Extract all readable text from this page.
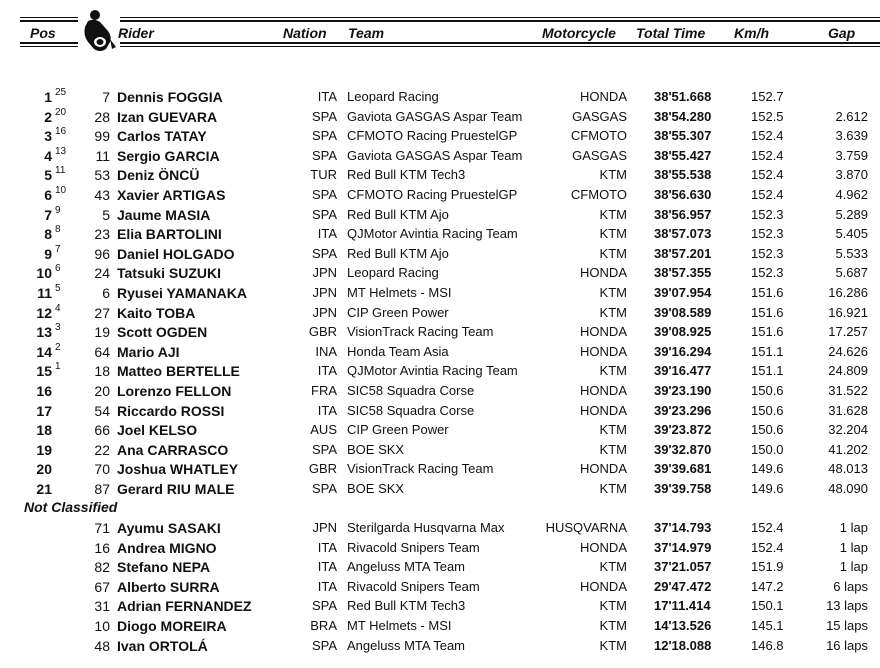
Pos	Rider	Nation Team	Motorcycle Total Time Km/h	Gap
1 25	7 Dennis FOGGIA	ITA Leopard Racing	HONDA 38'51.668	152.7
2 20	28 Izan GUEVARA	SPA Gaviota GASGAS Aspar Team	GASGAS 38'54.280	152.5	2.612
3 16	99 Carlos TATAY	SPA CFMOTO Racing PruestelGP	CFMOTO 38'55.307	152.4	3.639
4 13	11 Sergio GARCIA	SPA Gaviota GASGAS Aspar Team	GASGAS 38'55.427	152.4	3.759
5 11	53 Deniz ÖNCÜ	TUR Red Bull KTM Tech3	KTM 38'55.538	152.4	3.870
6 10	43 Xavier ARTIGAS	SPA CFMOTO Racing PruestelGP	CFMOTO 38'56.630	152.4	4.962
7 9	5 Jaume MASIA	SPA Red Bull KTM Ajo	KTM 38'56.957	152.3	5.289
8 8	23 Elia BARTOLINI	ITA QJMotor Avintia Racing Team	KTM 38'57.073	152.3	5.405
9 7	96 Daniel HOLGADO	SPA Red Bull KTM Ajo	KTM 38'57.201	152.3	5.533
10 6	24 Tatsuki SUZUKI	JPN Leopard Racing	HONDA 38'57.355	152.3	5.687
11 5	6 Ryusei YAMANAKA	JPN MT Helmets - MSI	KTM 39'07.954	151.6	16.286
12 4	27 Kaito TOBA	JPN CIP Green Power	KTM 39'08.589	151.6	16.921
13 3	19 Scott OGDEN	GBR VisionTrack Racing Team	HONDA 39'08.925	151.6	17.257
14 2	64 Mario AJI	INA Honda Team Asia	HONDA 39'16.294	151.1	24.626
15 1	18 Matteo BERTELLE	ITA QJMotor Avintia Racing Team	KTM 39'16.477	151.1	24.809
16	20 Lorenzo FELLON	FRA SIC58 Squadra Corse	HONDA 39'23.190	150.6	31.522
17	54 Riccardo ROSSI	ITA SIC58 Squadra Corse	HONDA 39'23.296	150.6	31.628
18	66 Joel KELSO	AUS CIP Green Power	KTM 39'23.872	150.6	32.204
19	22 Ana CARRASCO	SPA BOE SKX	KTM 39'32.870	150.0	41.202
20	70 Joshua WHATLEY	GBR VisionTrack Racing Team	HONDA 39'39.681	149.6	48.013
21	87 Gerard RIU MALE	SPA BOE SKX	KTM 39'39.758	149.6	48.090
Not Classified
71 Ayumu SASAKI	JPN Sterilgarda Husqvarna Max	HUSQVARNA 37'14.793	152.4	1 lap
16 Andrea MIGNO	ITA Rivacold Snipers Team	HONDA 37'14.979	152.4	1 lap
82 Stefano NEPA	ITA Angeluss MTA Team	KTM 37'21.057	151.9	1 lap
67 Alberto SURRA	ITA Rivacold Snipers Team	HONDA 29'47.472	147.2	6 laps
31 Adrian FERNANDEZ	SPA Red Bull KTM Tech3	KTM 17'11.414	150.1	13 laps
10 Diogo MOREIRA	BRA MT Helmets - MSI	KTM 14'13.526	145.1	15 laps
48 Ivan ORTOLÁ	SPA Angeluss MTA Team	KTM 12'18.088	146.8	16 laps
